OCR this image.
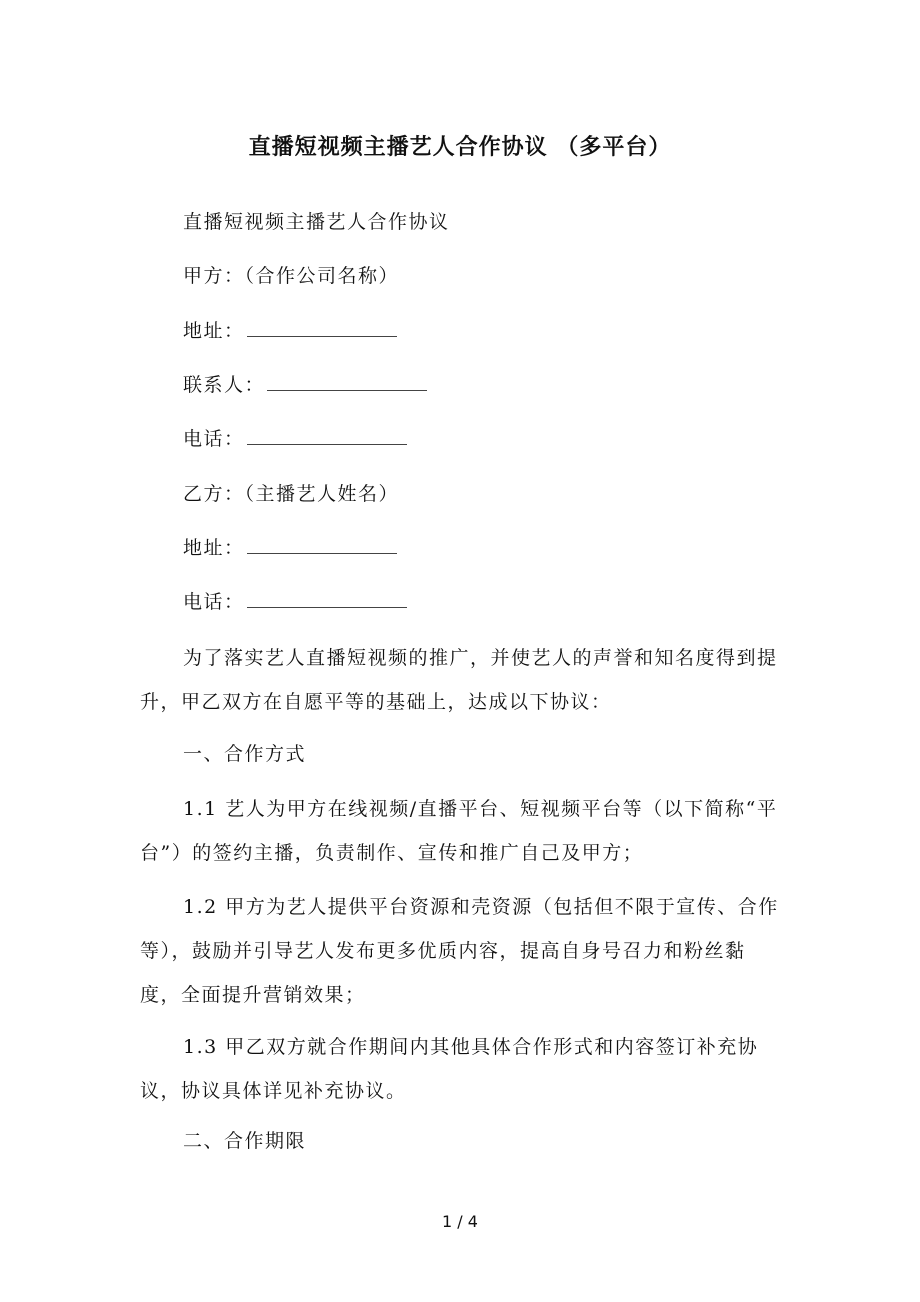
直播短视频主播艺人合作协议 （多平台）
直播短视频主播艺人合作协议
甲方：（合作公司名称）
地址：
联系人：
电话：
乙方：（主播艺人姓名）
地址：
电话：
为了落实艺人直播短视频的推广，并使艺人的声誉和知名度得到提升，甲乙双方在自愿平等的基础上，达成以下协议：
一、合作方式
1.1 艺人为甲方在线视频/直播平台、短视频平台等（以下简称“平台”）的签约主播，负责制作、宣传和推广自己及甲方；
1.2 甲方为艺人提供平台资源和壳资源（包括但不限于宣传、合作等），鼓励并引导艺人发布更多优质内容，提高自身号召力和粉丝黏度，全面提升营销效果；
1.3 甲乙双方就合作期间内其他具体合作形式和内容签订补充协议，协议具体详见补充协议。
二、合作期限
1 / 4
